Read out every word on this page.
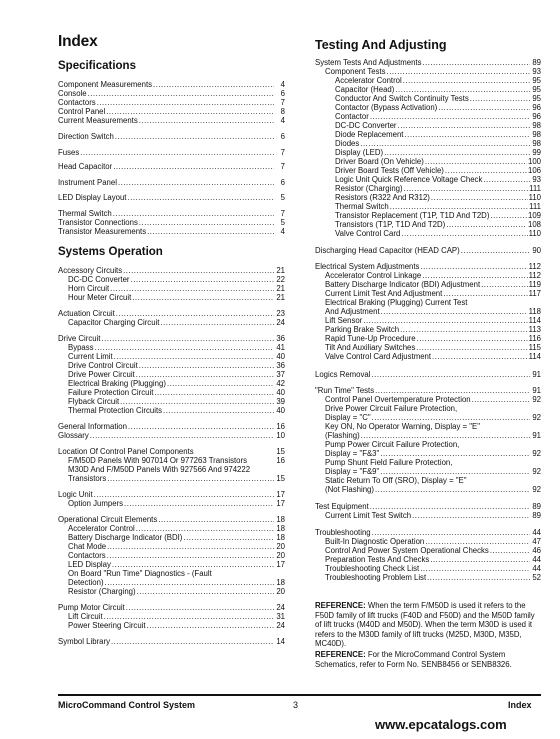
Index
Specifications
Component Measurements .....	4
Console .....	6
Contactors .....	7
Control Panel .....	8
Current Measurements .....	4
Direction Switch .....	6
Fuses .....	7
Head Capacitor .....	7
Instrument Panel .....	6
LED Display Layout .....	5
Thermal Switch .....	7
Transistor Connections .....	5
Transistor Measurements .....	4
Systems Operation
Accessory Circuits .....	21
DC-DC Converter .....	22
Horn Circuit .....	21
Hour Meter Circuit .....	21
Actuation Circuit .....	23
Capacitor Charging Circuit .....	24
Drive Circuit .....	36
Bypass .....	41
Current Limit .....	40
Drive Control Circuit .....	36
Drive Power Circuit .....	37
Electrical Braking (Plugging) .....	42
Failure Protection Circuit .....	40
Flyback Circuit .....	39
Thermal Protection Circuits .....	40
General Information .....	16
Glossary .....	10
Location Of Control Panel Components	15
F/M50D Panels With 907014 Or 977263 Transistors	16
M30D And F/M50D Panels With 927566 And 974222
Transistors .....	15
Logic Unit .....	17
Option Jumpers .....	17
Operational Circuit Elements .....	18
Accelerator Control .....	18
Battery Discharge Indicator (BDI) .....	18
Chat Mode .....	20
Contactors .....	20
LED Display .....	17
On Board "Run Time" Diagnostics - (Fault
Detection) .....	18
Resistor (Charging) .....	20
Pump Motor Circuit .....	24
Lift Circuit .....	31
Power Steering Circuit .....	24
Symbol Library .....	14
Testing And Adjusting
System Tests And Adjustments .....	89
Component Tests .....	93
Accelerator Control .....	95
Capacitor (Head) .....	95
Conductor And Switch Continuity Tests .....	95
Contactor (Bypass Activation) .....	96
Contactor .....	96
DC-DC Converter .....	98
Diode Replacement .....	98
Diodes .....	98
Display (LED) .....	99
Driver Board (On Vehicle) .....	100
Driver Board Tests (Off Vehicle) .....	106
Logic Unit Quick Reference Voltage Check .....	93
Resistor (Charging) .....	111
Resistors (R322 And R312) .....	110
Thermal Switch .....	111
Transistor Replacement (T1P, T1D And T2D) .....	109
Transistors (T1P, T1D And T2D) .....	108
Valve Control Card .....	110
Discharging Head Capacitor (HEAD CAP) .....	90
Electrical System Adjustments .....	112
Accelerator Control Linkage .....	112
Battery Discharge Indicator (BDI) Adjustment .....	119
Current Limit Test And Adjustment .....	117
Electrical Braking (Plugging) Current Test
And Adjustment .....	118
Lift Sensor .....	114
Parking Brake Switch .....	113
Rapid Tune-Up Procedure .....	116
Tilt And Auxiliary Switches .....	115
Valve Control Card Adjustment .....	114
Logics Removal .....	91
"Run Time" Tests .....	91
Control Panel Overtemperature Protection .....	92
Drive Power Circuit Failure Protection,
Display = "C" .....	92
Key ON, No Operator Warning, Display = "E"
(Flashing) .....	91
Pump Power Circuit Failure Protection,
Display = "F&3" .....	92
Pump Shunt Field Failure Protection,
Display = "F&9" .....	92
Static Return To Off (SRO), Display = "E"
(Not Flashing) .....	92
Test Equipment .....	89
Current Limit Test Switch .....	89
Troubleshooting .....	44
Built-In Diagnostic Operation .....	47
Control And Power System Operational Checks .....	46
Preparation Tests And Checks .....	44
Troubleshooting Check List .....	44
Troubleshooting Problem List .....	52
REFERENCE: When the term F/M50D is used it refers to the F50D family of lift trucks (F40D and F50D) and the M50D family of lift trucks (M40D and M50D). When the term M30D is used it refers to the M30D family of lift trucks (M25D, M30D, M35D, MC40D).
REFERENCE: For the MicroCommand Control System Schematics, refer to Form No. SENB8456 or SENB8326.
MicroCommand Control System	3	Index
www.epcatalogs.com
